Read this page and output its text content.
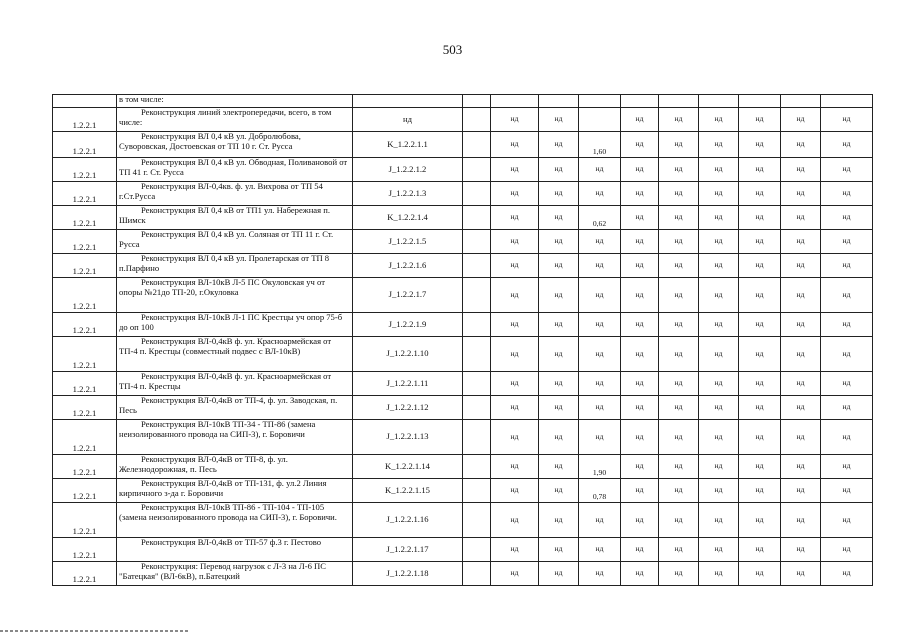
503
	в том числе:											
1.2.2.1	Реконструкция линий электропередачи, всего, в том числе:	нд		нд	нд		нд	нд	нд	нд	нд	нд
1.2.2.1	Реконструкция ВЛ 0,4 кВ ул. Добролюбова, Суворовская, Достоевская от ТП 10 г. Ст. Русса	K_1.2.2.1.1		нд	нд	1,60	нд	нд	нд	нд	нд	нд
1.2.2.1	Реконструкция ВЛ 0,4 кВ ул. Обводная, Поливановой от ТП 41 г. Ст. Русса	J_1.2.2.1.2		нд	нд	нд	нд	нд	нд	нд	нд	нд
1.2.2.1	Реконструкция ВЛ-0,4кв. ф. ул. Вихрова от ТП 54 г.Ст.Русса	J_1.2.2.1.3		нд	нд	нд	нд	нд	нд	нд	нд	нд
1.2.2.1	Реконструкция ВЛ 0,4 кВ от ТП1 ул. Набережная п. Шимск	K_1.2.2.1.4		нд	нд	0,62	нд	нд	нд	нд	нд	нд
1.2.2.1	Реконструкция ВЛ 0,4 кВ ул. Соляная от ТП 11 г. Ст. Русса	J_1.2.2.1.5		нд	нд	нд	нд	нд	нд	нд	нд	нд
1.2.2.1	Реконструкция ВЛ 0,4 кВ ул. Пролетарская от ТП 8 п.Парфино	J_1.2.2.1.6		нд	нд	нд	нд	нд	нд	нд	нд	нд
1.2.2.1	Реконструкция ВЛ-10кВ Л-5 ПС Окуловская уч от опоры №21до ТП-20, г.Окуловка	J_1.2.2.1.7		нд	нд	нд	нд	нд	нд	нд	нд	нд
1.2.2.1	Реконструкция ВЛ-10кВ Л-1 ПС Крестцы уч опор 75-б до оп 100	J_1.2.2.1.9		нд	нд	нд	нд	нд	нд	нд	нд	нд
1.2.2.1	Реконструкция ВЛ-0,4кВ ф. ул. Красноармейская от ТП-4 п. Крестцы (совместный подвес с ВЛ-10кВ)	J_1.2.2.1.10		нд	нд	нд	нд	нд	нд	нд	нд	нд
1.2.2.1	Реконструкция ВЛ-0,4кВ ф. ул. Красноармейская от ТП-4 п. Крестцы	J_1.2.2.1.11		нд	нд	нд	нд	нд	нд	нд	нд	нд
1.2.2.1	Реконструкция ВЛ-0,4кВ от ТП-4, ф. ул. Заводская, п. Песь	J_1.2.2.1.12		нд	нд	нд	нд	нд	нд	нд	нд	нд
1.2.2.1	Реконструкция ВЛ-10кВ ТП-34 - ТП-86 (замена неизолированного провода на СИП-3), г. Боровичи	J_1.2.2.1.13		нд	нд	нд	нд	нд	нд	нд	нд	нд
1.2.2.1	Реконструкция ВЛ-0,4кВ от ТП-8, ф. ул. Железнодорожная, п. Песь	K_1.2.2.1.14		нд	нд	1,90	нд	нд	нд	нд	нд	нд
1.2.2.1	Реконструкция ВЛ-0,4кВ от ТП-131, ф. ул.2 Линия кирпичного з-да г. Боровичи	K_1.2.2.1.15		нд	нд	0,78	нд	нд	нд	нд	нд	нд
1.2.2.1	Реконструкция ВЛ-10кВ ТП-86 - ТП-104 - ТП-105 (замена неизолированного провода на СИП-3), г. Боровичи.	J_1.2.2.1.16		нд	нд	нд	нд	нд	нд	нд	нд	нд
1.2.2.1	Реконструкция ВЛ-0,4кВ от ТП-57 ф.3 г. Пестово	J_1.2.2.1.17		нд	нд	нд	нд	нд	нд	нд	нд	нд
1.2.2.1	Реконструкция: Перевод нагрузок с Л-3 на Л-6 ПС "Батецкая" (ВЛ-6кВ), п.Батецкий	J_1.2.2.1.18		нд	нд	нд	нд	нд	нд	нд	нд	нд
